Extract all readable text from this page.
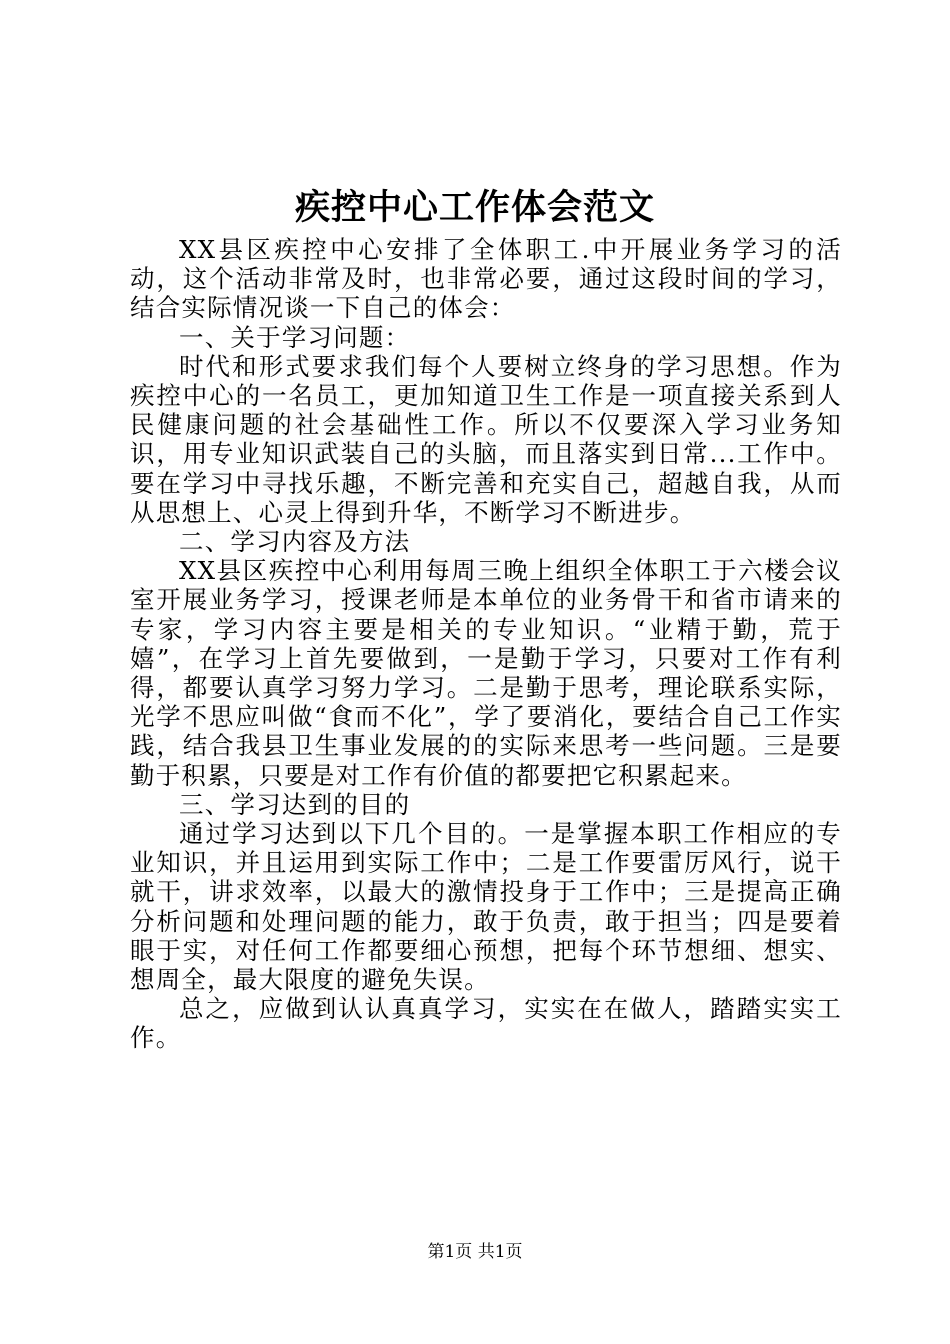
疾控中心工作体会范文

XX县区疾控中心安排了全体职工.中开展业务学习的活动，这个活动非常及时，也非常必要，通过这段时间的学习，结合实际情况谈一下自己的体会：

一、关于学习问题：

时代和形式要求我们每个人要树立终身的学习思想。作为疾控中心的一名员工，更加知道卫生工作是一项直接关系到人民健康问题的社会基础性工作。所以不仅要深入学习业务知识，用专业知识武装自己的头脑，而且落实到日常...工作中。要在学习中寻找乐趣，不断完善和充实自己，超越自我，从而从思想上、心灵上得到升华，不断学习不断进步。

二、学习内容及方法

XX县区疾控中心利用每周三晚上组织全体职工于六楼会议室开展业务学习，授课老师是本单位的业务骨干和省市请来的专家，学习内容主要是相关的专业知识。“业精于勤，荒于嬉”，在学习上首先要做到，一是勤于学习，只要对工作有利得，都要认真学习努力学习。二是勤于思考，理论联系实际，光学不思应叫做“食而不化”，学了要消化，要结合自己工作实践，结合我县卫生事业发展的的实际来思考一些问题。三是要勤于积累，只要是对工作有价值的都要把它积累起来。

三、学习达到的目的

通过学习达到以下几个目的。一是掌握本职工作相应的专业知识，并且运用到实际工作中；二是工作要雷厉风行，说干就干，讲求效率，以最大的激情投身于工作中；三是提高正确分析问题和处理问题的能力，敢于负责，敢于担当；四是要着眼于实，对任何工作都要细心预想，把每个环节想细、想实、想周全，最大限度的避免失误。

总之，应做到认认真真学习，实实在在做人，踏踏实实工作。

第1页 共1页
